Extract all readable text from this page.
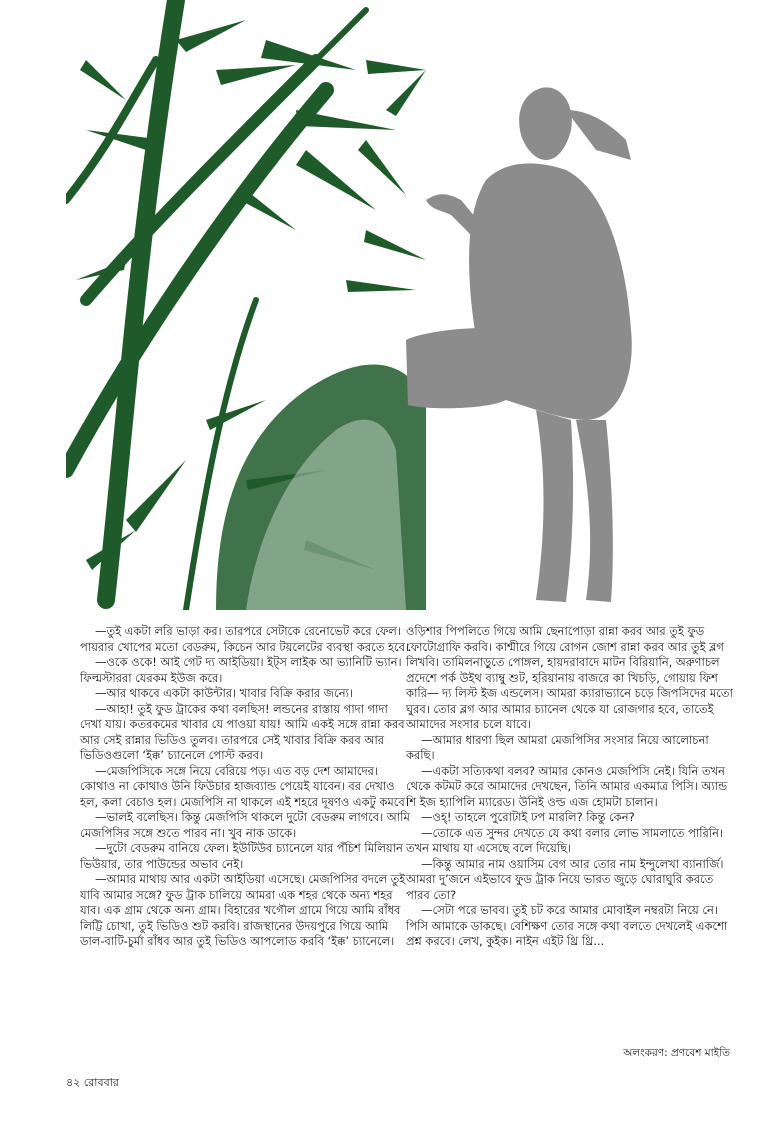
—তুই একটা লরি ভাড়া কর। তারপরে সেটাকে রেনোভেট করে ফেল। পায়রার খোপের মতো বেডরুম, কিচেন আর টয়লেটের ব্যবস্থা করতে হবে।

—ওকে ওকে! আই গেট দ্য আইডিয়া। ইট্‌স লাইক আ ভ্যানিটি ভ্যান। ফিল্মস্টাররা যেরকম ইউজ করে।

—আর থাকবে একটা কাউন্টার। খাবার বিক্রি করার জন্যে।

—আহা! তুই ফুড ট্রাকের কথা বলছিস! লন্ডনের রাস্তায় গাদা গাদা দেখা যায়। কতরকমের খাবার যে পাওয়া যায়! আমি একই সঙ্গে রান্না করব আর সেই রান্নার ভিডিও তুলব। তারপরে সেই খাবার বিক্রি করব আর ভিডিওগুলো ‘ইক্ক’ চ্যানেলে পোস্ট করব।

—মেজপিসিকে সঙ্গে নিয়ে বেরিয়ে পড়। এত বড় দেশ আমাদের। কোথাও না কোথাও উনি ফিউচার হাজব্যান্ড পেয়েই যাবেন। বর দেখাও হল, কলা বেচাও হল। মেজপিসি না থাকলে এই শহরে দূষণও একটু কমবে।

—ভালই বলেছিস। কিন্তু মেজপিসি থাকলে দুটো বেডরুম লাগবে। আমি মেজপিসির সঙ্গে শুতে পারব না। খুব নাক ডাকে।

—দুটো বেডরুম বানিয়ে ফেল। ইউটিউব চ্যানেলে যার পঁচিশ মিলিয়ান ভিউয়ার, তার পাউন্ডের অভাব নেই।

—আমার মাথায় আর একটা আইডিয়া এসেছে। মেজপিসির বদলে তুই যাবি আমার সঙ্গে? ফুড ট্রাক চালিয়ে আমরা এক শহর থেকে অন্য শহর যাব। এক গ্রাম থেকে অন্য গ্রাম। বিহারের খগৌল গ্রামে গিয়ে আমি রাঁধব লিট্টি চোখা, তুই ভিডিও শুট করবি। রাজস্থানের উদয়পুরে গিয়ে আমি ডাল-বাটি-চুর্মা রাঁধব আর তুই ভিডিও আপলোড করবি ‘ইক্ক’ চ্যানেলে।

ওড়িশার পিপলিতে গিয়ে আমি ছেনাপোড়া রান্না করব আর তুই ফুড ফোটোগ্রাফি করবি। কাশ্মীরে গিয়ে রোগন জোশ রান্না করব আর তুই ব্লগ লিখবি। তামিলনাড়ুতে পোঙ্গল, হায়দরাবাদে মাটন বিরিয়ানি, অরুণাচল প্রদেশে পর্ক উইথ ব্যাম্বু শুট, হরিয়ানায় বাজরে কা খিচড়ি, গোয়ায় ফিশ কারি— দ্য লিস্ট ইজ এন্ডলেস। আমরা ক্যারাভ্যানে চড়ে জিপসিদের মতো ঘুরব। তোর ব্লগ আর আমার চ্যানেল থেকে যা রোজগার হবে, তাতেই আমাদের সংসার চলে যাবে।

—আমার ধারণা ছিল আমরা মেজপিসির সংসার নিয়ে আলোচনা করছি।

—একটা সত্যিকথা বলব? আমার কোনও মেজপিসি নেই। যিনি তখন থেকে কটমট করে আমাদের দেখছেন, তিনি আমার একমাত্র পিসি। অ্যান্ড শি ইজ হ্যাপিলি ম্যারেড। উনিই ওল্ড এজ হোমটা চালান।

—ওহ্! তাহলে পুরোটাই ঢপ মারলি? কিন্তু কেন?

—তোকে এত সুন্দর দেখতে যে কথা বলার লোভ সামলাতে পারিনি। তখন মাথায় যা এসেছে বলে দিয়েছি।

—কিন্তু আমার নাম ওয়াসিম বেগ আর তোর নাম ইন্দুলেখা ব্যানার্জি। আমরা দু’জনে এইভাবে ফুড ট্রাক নিয়ে ভারত জুড়ে ঘোরাঘুরি করতে পারব তো?

—সেটা পরে ভাবব। তুই চট করে আমার মোবাইল নম্বরটা নিয়ে নে। পিসি আমাকে ডাকছে। বেশিক্ষণ তোর সঙ্গে কথা বলতে দেখলেই একশো প্রশ্ন করবে। লেখ, কুইক। নাইন এইট থ্রি থ্রি...

অলংকরণ: প্রণবেশ মাইতি
৪২ রোববার
